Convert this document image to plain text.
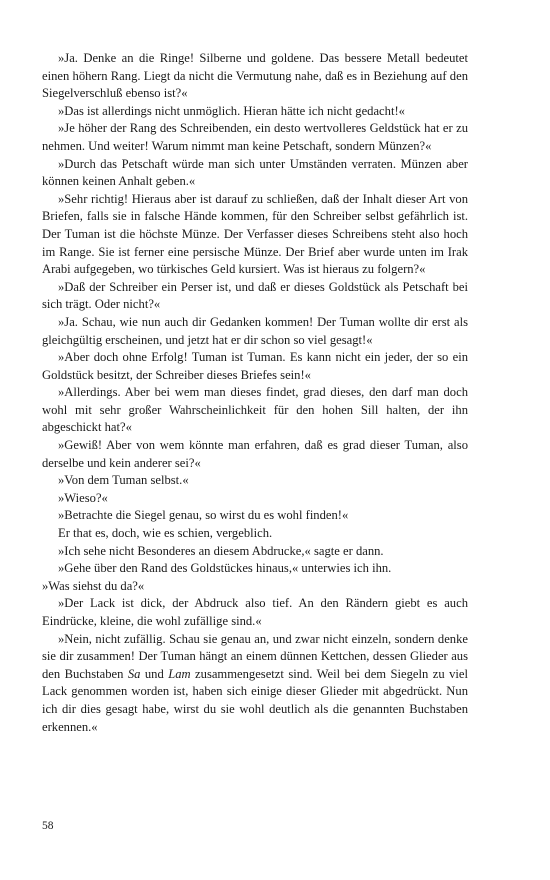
»Ja. Denke an die Ringe! Silberne und goldene. Das bessere Metall bedeutet einen höhern Rang. Liegt da nicht die Vermutung nahe, daß es in Beziehung auf den Siegelverschluß ebenso ist?«

»Das ist allerdings nicht unmöglich. Hieran hätte ich nicht gedacht!«

»Je höher der Rang des Schreibenden, ein desto wertvolleres Geldstück hat er zu nehmen. Und weiter! Warum nimmt man keine Petschaft, sondern Münzen?«

»Durch das Petschaft würde man sich unter Umständen verraten. Münzen aber können keinen Anhalt geben.«

»Sehr richtig! Hieraus aber ist darauf zu schließen, daß der Inhalt dieser Art von Briefen, falls sie in falsche Hände kommen, für den Schreiber selbst gefährlich ist. Der Tuman ist die höchste Münze. Der Verfasser dieses Schreibens steht also hoch im Range. Sie ist ferner eine persische Münze. Der Brief aber wurde unten im Irak Arabi aufgegeben, wo türkisches Geld kursiert. Was ist hieraus zu folgern?«

»Daß der Schreiber ein Perser ist, und daß er dieses Goldstück als Petschaft bei sich trägt. Oder nicht?«

»Ja. Schau, wie nun auch dir Gedanken kommen! Der Tuman wollte dir erst als gleichgültig erscheinen, und jetzt hat er dir schon so viel gesagt!«

»Aber doch ohne Erfolg! Tuman ist Tuman. Es kann nicht ein jeder, der so ein Goldstück besitzt, der Schreiber dieses Briefes sein!«

»Allerdings. Aber bei wem man dieses findet, grad dieses, den darf man doch wohl mit sehr großer Wahrscheinlichkeit für den hohen Sill halten, der ihn abgeschickt hat?«

»Gewiß! Aber von wem könnte man erfahren, daß es grad dieser Tuman, also derselbe und kein anderer sei?«

»Von dem Tuman selbst.«

»Wieso?«

»Betrachte die Siegel genau, so wirst du es wohl finden!«

Er that es, doch, wie es schien, vergeblich.

»Ich sehe nicht Besonderes an diesem Abdrucke,« sagte er dann.

»Gehe über den Rand des Goldstückes hinaus,« unterwies ich ihn.

»Was siehst du da?«

»Der Lack ist dick, der Abdruck also tief. An den Rändern giebt es auch Eindrücke, kleine, die wohl zufällige sind.«

»Nein, nicht zufällig. Schau sie genau an, und zwar nicht einzeln, sondern denke sie dir zusammen! Der Tuman hängt an einem dünnen Kettchen, dessen Glieder aus den Buchstaben Sa und Lam zusammengesetzt sind. Weil bei dem Siegeln zu viel Lack genommen worden ist, haben sich einige dieser Glieder mit abgedrückt. Nun ich dir dies gesagt habe, wirst du sie wohl deutlich als die genannten Buchstaben erkennen.«

58
